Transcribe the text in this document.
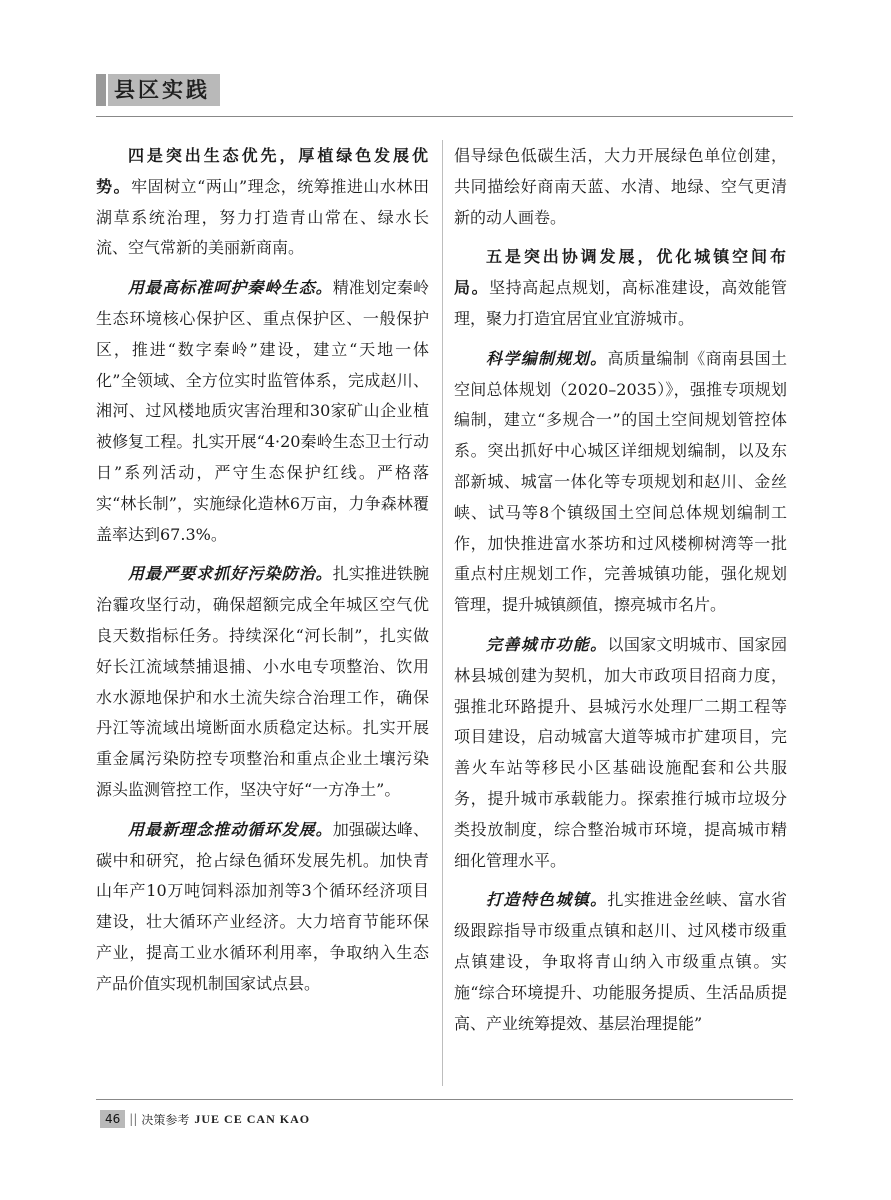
县区实践

四是突出生态优先，厚植绿色发展优势。牢固树立“两山”理念，统筹推进山水林田湖草系统治理，努力打造青山常在、绿水长流、空气常新的美丽新商南。

用最高标准呵护秦岭生态。精准划定秦岭生态环境核心保护区、重点保护区、一般保护区，推进“数字秦岭”建设，建立“天地一体化”全领域、全方位实时监管体系，完成赵川、湘河、过风楼地质灾害治理和30家矿山企业植被修复工程。扎实开展“4·20秦岭生态卫士行动日”系列活动，严守生态保护红线。严格落实“林长制”，实施绿化造林6万亩，力争森林覆盖率达到67.3%。

用最严要求抓好污染防治。扎实推进铁腕治霾攻坚行动，确保超额完成全年城区空气优良天数指标任务。持续深化“河长制”，扎实做好长江流域禁捕退捕、小水电专项整治、饮用水水源地保护和水土流失综合治理工作，确保丹江等流域出境断面水质稳定达标。扎实开展重金属污染防控专项整治和重点企业土壤污染源头监测管控工作，坚决守好“一方净土”。

用最新理念推动循环发展。加强碳达峰、碳中和研究，抢占绿色循环发展先机。加快青山年产10万吨饲料添加剂等3个循环经济项目建设，壮大循环产业经济。大力培育节能环保产业，提高工业水循环利用率，争取纳入生态产品价值实现机制国家试点县。

倡导绿色低碳生活，大力开展绿色单位创建，共同描绘好商南天蓝、水清、地绿、空气更清新的动人画卷。

五是突出协调发展，优化城镇空间布局。坚持高起点规划，高标准建设，高效能管理，聚力打造宜居宜业宜游城市。

科学编制规划。高质量编制《商南县国土空间总体规划（2020–2035）》，强推专项规划编制，建立“多规合一”的国土空间规划管控体系。突出抓好中心城区详细规划编制，以及东部新城、城富一体化等专项规划和赵川、金丝峡、试马等8个镇级国土空间总体规划编制工作，加快推进富水茶坊和过风楼柳树湾等一批重点村庄规划工作，完善城镇功能，强化规划管理，提升城镇颜值，擦亮城市名片。

完善城市功能。以国家文明城市、国家园林县城创建为契机，加大市政项目招商力度，强推北环路提升、县城污水处理厂二期工程等项目建设，启动城富大道等城市扩建项目，完善火车站等移民小区基础设施配套和公共服务，提升城市承载能力。探索推行城市垃圾分类投放制度，综合整治城市环境，提高城市精细化管理水平。

打造特色城镇。扎实推进金丝峡、富水省级跟踪指导市级重点镇和赵川、过风楼市级重点镇建设，争取将青山纳入市级重点镇。实施“综合环境提升、功能服务提质、生活品质提高、产业统筹提效、基层治理提能”

46 || 决策参考 JUE CE CAN KAO
